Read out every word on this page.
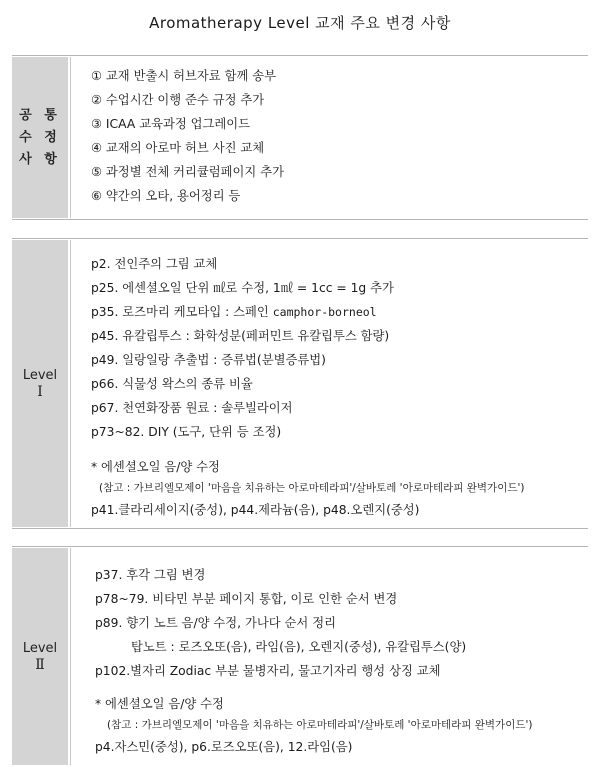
Aromatherapy Level 교재 주요 변경 사항
공 통
수 정
사 항
① 교재 반출시 허브자료 함께 송부
② 수업시간 이행 준수 규정 추가
③ ICAA 교육과정 업그레이드
④ 교재의 아로마 허브 사진 교체
⑤ 과정별 전체 커리큘럼페이지 추가
⑥ 약간의 오타, 용어정리 등
Level
Ⅰ
p2. 전인주의 그림 교체
p25. 에센셜오일 단위 ㎖로 수정, 1㎖ = 1cc = 1g 추가
p35. 로즈마리 케모타입 : 스페인 camphor-borneol
p45. 유칼립투스 : 화학성분(페퍼민트 유칼립투스 함량)
p49. 일랑일랑 추출법 : 증류법(분별증류법)
p66. 식물성 왁스의 종류 비율
p67. 천연화장품 원료 : 솔루빌라이저
p73~82. DIY (도구, 단위 등 조정)
* 에센셜오일 음/양 수정
(참고 : 가브리엘모제이 '마음을 치유하는 아로마테라피'/살바토레 '아로마테라피 완벽가이드')
p41.클라리세이지(중성), p44.제라늄(음), p48.오렌지(중성)
Level
Ⅱ
p37. 후각 그림 변경
p78~79. 비타민 부분 페이지 통합, 이로 인한 순서 변경
p89. 향기 노트 음/양 수정, 가나다 순서 정리
탑노트 : 로즈오또(음), 라임(음), 오렌지(중성), 유칼립투스(양)
p102.별자리 Zodiac 부분 물병자리, 물고기자리 행성 상징 교체
* 에센셜오일 음/양 수정
(참고 : 가브리엘모제이 '마음을 치유하는 아로마테라피'/살바토레 '아로마테라피 완벽가이드')
p4.자스민(중성), p6.로즈오또(음), 12.라임(음)
